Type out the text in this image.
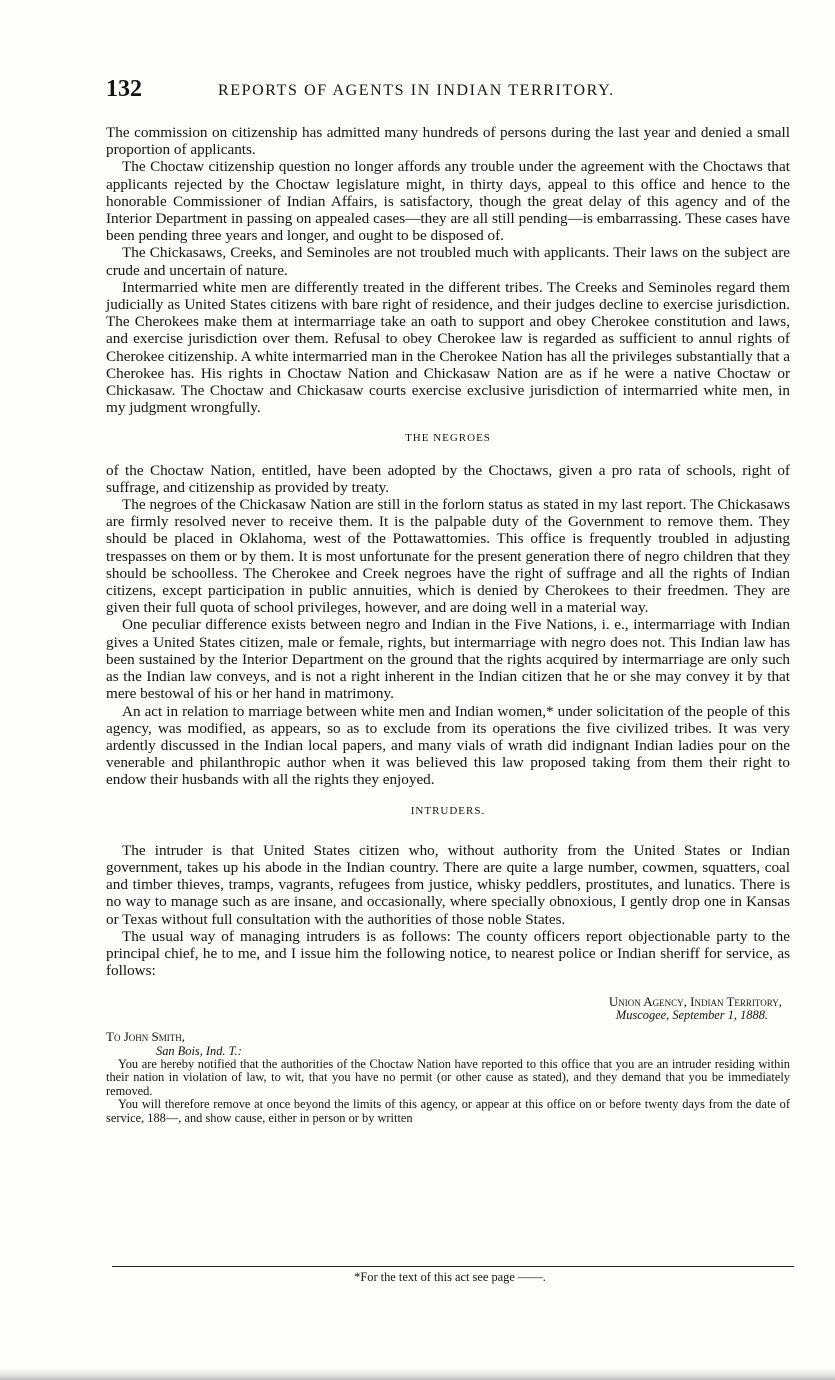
132	REPORTS OF AGENTS IN INDIAN TERRITORY.

The commission on citizenship has admitted many hundreds of persons during the last year and denied a small proportion of applicants.

The Choctaw citizenship question no longer affords any trouble under the agreement with the Choctaws that applicants rejected by the Choctaw legislature might, in thirty days, appeal to this office and hence to the honorable Commissioner of Indian Affairs, is satisfactory, though the great delay of this agency and of the Interior Department in passing on appealed cases—they are all still pending—is embarrassing. These cases have been pending three years and longer, and ought to be disposed of.

The Chickasaws, Creeks, and Seminoles are not troubled much with applicants. Their laws on the subject are crude and uncertain of nature.

Intermarried white men are differently treated in the different tribes. The Creeks and Seminoles regard them judicially as United States citizens with bare right of residence, and their judges decline to exercise jurisdiction. The Cherokees make them at intermarriage take an oath to support and obey Cherokee constitution and laws, and exercise jurisdiction over them. Refusal to obey Cherokee law is regarded as sufficient to annul rights of Cherokee citizenship. A white intermarried man in the Cherokee Nation has all the privileges substantially that a Cherokee has. His rights in Choctaw Nation and Chickasaw Nation are as if he were a native Choctaw or Chickasaw. The Choctaw and Chickasaw courts exercise exclusive jurisdiction of intermarried white men, in my judgment wrongfully.

THE NEGROES

of the Choctaw Nation, entitled, have been adopted by the Choctaws, given a pro rata of schools, right of suffrage, and citizenship as provided by treaty.

The negroes of the Chickasaw Nation are still in the forlorn status as stated in my last report. The Chickasaws are firmly resolved never to receive them. It is the palpable duty of the Government to remove them. They should be placed in Oklahoma, west of the Pottawattomies. This office is frequently troubled in adjusting trespasses on them or by them. It is most unfortunate for the present generation there of negro children that they should be schoolless. The Cherokee and Creek negroes have the right of suffrage and all the rights of Indian citizens, except participation in public annuities, which is denied by Cherokees to their freedmen. They are given their full quota of school privileges, however, and are doing well in a material way.

One peculiar difference exists between negro and Indian in the Five Nations, i. e., intermarriage with Indian gives a United States citizen, male or female, rights, but intermarriage with negro does not. This Indian law has been sustained by the Interior Department on the ground that the rights acquired by intermarriage are only such as the Indian law conveys, and is not a right inherent in the Indian citizen that he or she may convey it by that mere bestowal of his or her hand in matrimony.

An act in relation to marriage between white men and Indian women,* under solicitation of the people of this agency, was modified, as appears, so as to exclude from its operations the five civilized tribes. It was very ardently discussed in the Indian local papers, and many vials of wrath did indignant Indian ladies pour on the venerable and philanthropic author when it was believed this law proposed taking from them their right to endow their husbands with all the rights they enjoyed.

INTRUDERS.

The intruder is that United States citizen who, without authority from the United States or Indian government, takes up his abode in the Indian country. There are quite a large number, cowmen, squatters, coal and timber thieves, tramps, vagrants, refugees from justice, whisky peddlers, prostitutes, and lunatics. There is no way to manage such as are insane, and occasionally, where specially obnoxious, I gently drop one in Kansas or Texas without full consultation with the authorities of those noble States.

The usual way of managing intruders is as follows: The county officers report objectionable party to the principal chief, he to me, and I issue him the following notice, to nearest police or Indian sheriff for service, as follows:

Union Agency, Indian Territory,
Muscogee, September 1, 1888.
To John Smith,
San Bois, Ind. T.:

You are hereby notified that the authorities of the Choctaw Nation have reported to this office that you are an intruder residing within their nation in violation of law, to wit, that you have no permit (or other cause as stated), and they demand that you be immediately removed.

You will therefore remove at once beyond the limits of this agency, or appear at this office on or before twenty days from the date of service, 188—, and show cause, either in person or by written

*For the text of this act see page ——.
